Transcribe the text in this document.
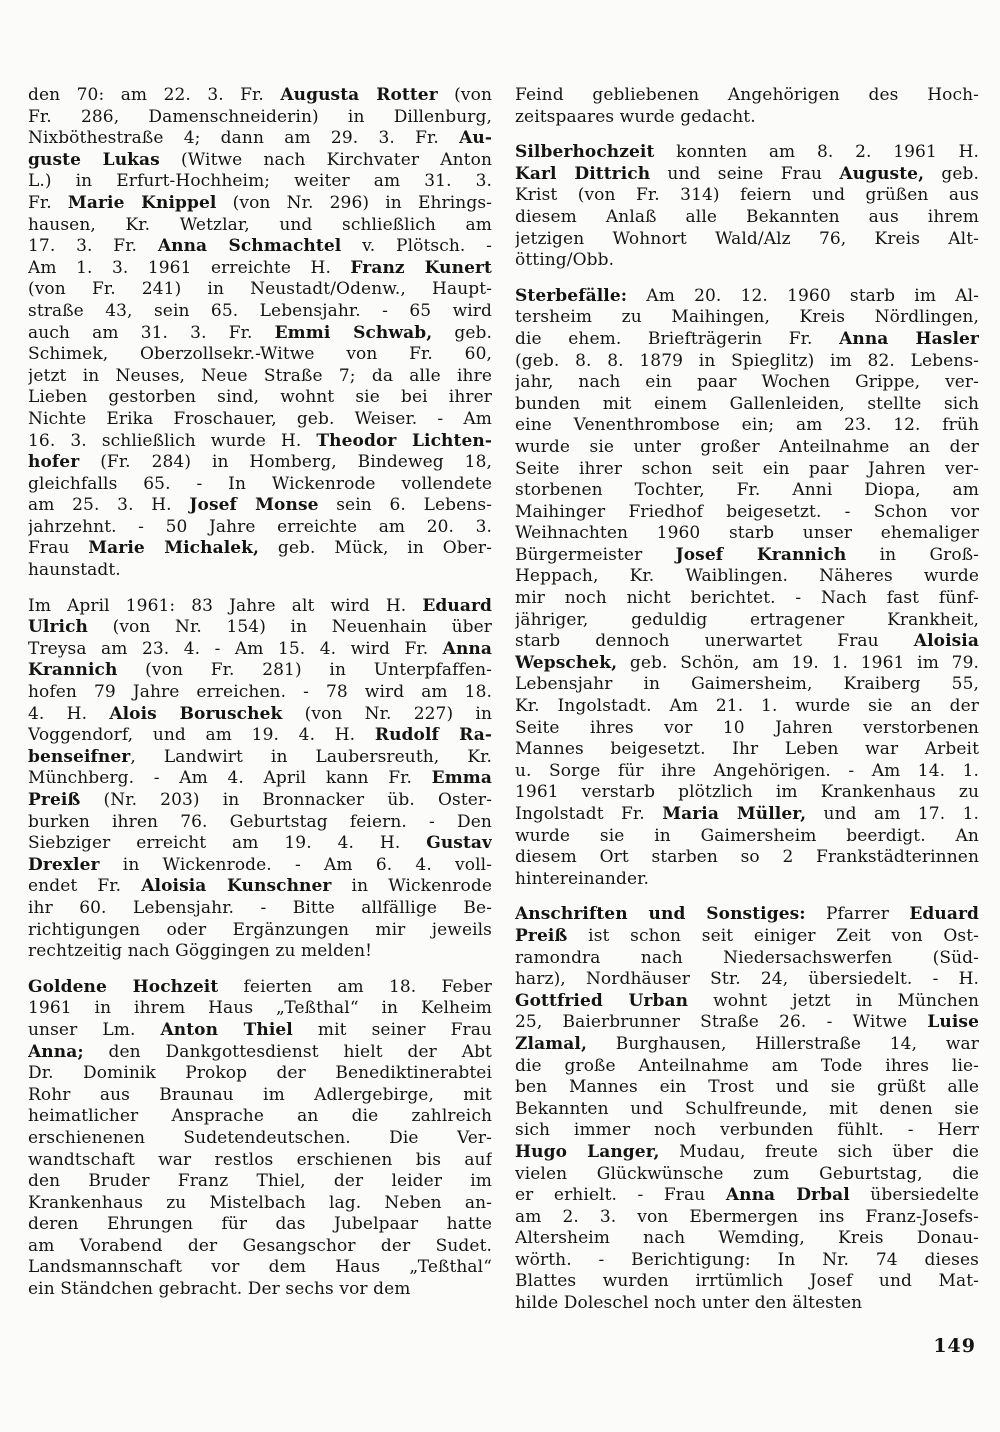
den 70: am 22. 3. Fr. Augusta Rotter (von
Fr. 286, Damenschneiderin) in Dillenburg,
Nixböthestraße 4; dann am 29. 3. Fr. Au-
guste Lukas (Witwe nach Kirchvater Anton
L.) in Erfurt-Hochheim; weiter am 31. 3.
Fr. Marie Knippel (von Nr. 296) in Ehrings-
hausen, Kr. Wetzlar, und schließlich am
17. 3. Fr. Anna Schmachtel v. Plötsch. -
Am 1. 3. 1961 erreichte H. Franz Kunert
(von Fr. 241) in Neustadt/Odenw., Haupt-
straße 43, sein 65. Lebensjahr. - 65 wird
auch am 31. 3. Fr. Emmi Schwab, geb.
Schimek, Oberzollsekr.-Witwe von Fr. 60,
jetzt in Neuses, Neue Straße 7; da alle ihre
Lieben gestorben sind, wohnt sie bei ihrer
Nichte Erika Froschauer, geb. Weiser. - Am
16. 3. schließlich wurde H. Theodor Lichten-
hofer (Fr. 284) in Homberg, Bindeweg 18,
gleichfalls 65. - In Wickenrode vollendete
am 25. 3. H. Josef Monse sein 6. Lebens-
jahrzehnt. - 50 Jahre erreichte am 20. 3.
Frau Marie Michalek, geb. Mück, in Ober-
haunstadt.
Im April 1961: 83 Jahre alt wird H. Eduard
Ulrich (von Nr. 154) in Neuenhain über
Treysa am 23. 4. - Am 15. 4. wird Fr. Anna
Krannich (von Fr. 281) in Unterpfaffen-
hofen 79 Jahre erreichen. - 78 wird am 18.
4. H. Alois Boruschek (von Nr. 227) in
Voggendorf, und am 19. 4. H. Rudolf Ra-
benseifner, Landwirt in Laubersreuth, Kr.
Münchberg. - Am 4. April kann Fr. Emma
Preiß (Nr. 203) in Bronnacker üb. Oster-
burken ihren 76. Geburtstag feiern. - Den
Siebziger erreicht am 19. 4. H. Gustav
Drexler in Wickenrode. - Am 6. 4. voll-
endet Fr. Aloisia Kunschner in Wickenrode
ihr 60. Lebensjahr. - Bitte allfällige Be-
richtigungen oder Ergänzungen mir jeweils
rechtzeitig nach Göggingen zu melden!
Goldene Hochzeit feierten am 18. Feber
1961 in ihrem Haus „Teßthal“ in Kelheim
unser Lm. Anton Thiel mit seiner Frau
Anna; den Dankgottesdienst hielt der Abt
Dr. Dominik Prokop der Benediktinerabtei
Rohr aus Braunau im Adlergebirge, mit
heimatlicher Ansprache an die zahlreich
erschienenen Sudetendeutschen. Die Ver-
wandtschaft war restlos erschienen bis auf
den Bruder Franz Thiel, der leider im
Krankenhaus zu Mistelbach lag. Neben an-
deren Ehrungen für das Jubelpaar hatte
am Vorabend der Gesangschor der Sudet.
Landsmannschaft vor dem Haus „Teßthal“
ein Ständchen gebracht. Der sechs vor dem
Feind gebliebenen Angehörigen des Hoch-
zeitspaares wurde gedacht.
Silberhochzeit konnten am 8. 2. 1961 H.
Karl Dittrich und seine Frau Auguste, geb.
Krist (von Fr. 314) feiern und grüßen aus
diesem Anlaß alle Bekannten aus ihrem
jetzigen Wohnort Wald/Alz 76, Kreis Alt-
ötting/Obb.
Sterbefälle: Am 20. 12. 1960 starb im Al-
tersheim zu Maihingen, Kreis Nördlingen,
die ehem. Briefträgerin Fr. Anna Hasler
(geb. 8. 8. 1879 in Spieglitz) im 82. Lebens-
jahr, nach ein paar Wochen Grippe, ver-
bunden mit einem Gallenleiden, stellte sich
eine Venenthrombose ein; am 23. 12. früh
wurde sie unter großer Anteilnahme an der
Seite ihrer schon seit ein paar Jahren ver-
storbenen Tochter, Fr. Anni Diopa, am
Maihinger Friedhof beigesetzt. - Schon vor
Weihnachten 1960 starb unser ehemaliger
Bürgermeister Josef Krannich in Groß-
Heppach, Kr. Waiblingen. Näheres wurde
mir noch nicht berichtet. - Nach fast fünf-
jähriger, geduldig ertragener Krankheit,
starb dennoch unerwartet Frau Aloisia
Wepschek, geb. Schön, am 19. 1. 1961 im 79.
Lebensjahr in Gaimersheim, Kraiberg 55,
Kr. Ingolstadt. Am 21. 1. wurde sie an der
Seite ihres vor 10 Jahren verstorbenen
Mannes beigesetzt. Ihr Leben war Arbeit
u. Sorge für ihre Angehörigen. - Am 14. 1.
1961 verstarb plötzlich im Krankenhaus zu
Ingolstadt Fr. Maria Müller, und am 17. 1.
wurde sie in Gaimersheim beerdigt. An
diesem Ort starben so 2 Frankstädterinnen
hintereinander.
Anschriften und Sonstiges: Pfarrer Eduard
Preiß ist schon seit einiger Zeit von Ost-
ramondra nach Niedersachswerfen (Süd-
harz), Nordhäuser Str. 24, übersiedelt. - H.
Gottfried Urban wohnt jetzt in München
25, Baierbrunner Straße 26. - Witwe Luise
Zlamal, Burghausen, Hillerstraße 14, war
die große Anteilnahme am Tode ihres lie-
ben Mannes ein Trost und sie grüßt alle
Bekannten und Schulfreunde, mit denen sie
sich immer noch verbunden fühlt. - Herr
Hugo Langer, Mudau, freute sich über die
vielen Glückwünsche zum Geburtstag, die
er erhielt. - Frau Anna Drbal übersiedelte
am 2. 3. von Ebermergen ins Franz-Josefs-
Altersheim nach Wemding, Kreis Donau-
wörth. - Berichtigung: In Nr. 74 dieses
Blattes wurden irrtümlich Josef und Mat-
hilde Doleschel noch unter den ältesten
149
